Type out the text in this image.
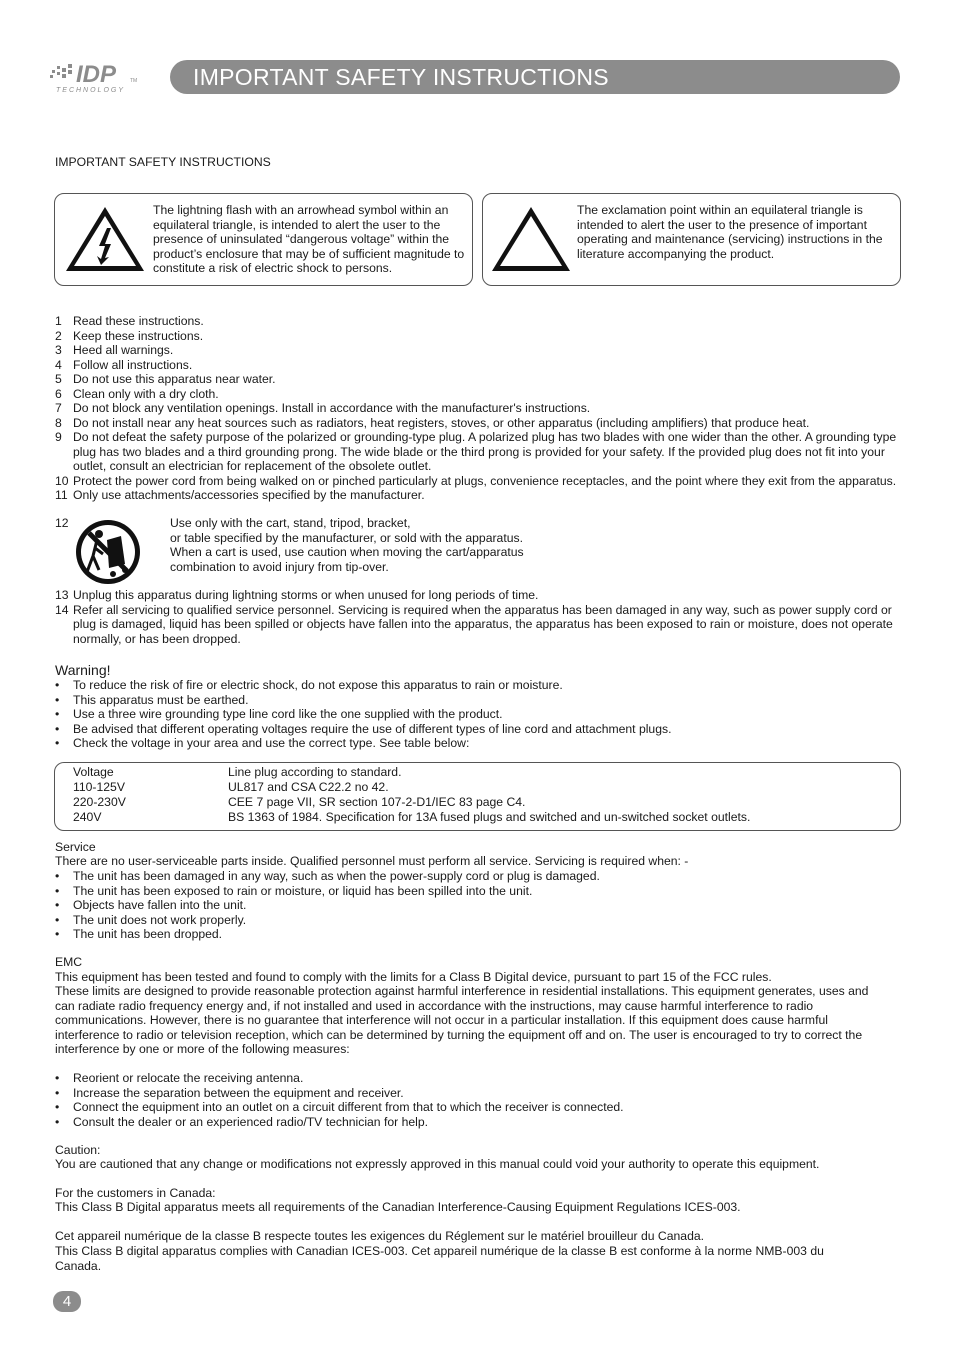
IDP	TM
TECHNOLOGY
IMPORTANT SAFETY INSTRUCTIONS
IMPORTANT SAFETY INSTRUCTIONS
The lightning flash with an arrowhead symbol within an equilateral triangle, is intended to alert the user to the presence of uninsulated “dangerous voltage” within the product’s enclosure that may be of sufficient magnitude to constitute a risk of electric shock to persons.
The exclamation point within an equilateral triangle is intended to alert the user to the presence of important operating and maintenance (servicing) instructions in the literature accompanying the product.
1 Read these instructions.
2 Keep these instructions.
3 Heed all warnings.
4 Follow all instructions.
5 Do not use this apparatus near water.
6 Clean only with a dry cloth.
7 Do not block any ventilation openings. Install in accordance with the manufacturer's instructions.
8 Do not install near any heat sources such as radiators, heat registers, stoves, or other apparatus (including amplifiers) that produce heat.
9 Do not defeat the safety purpose of the polarized or grounding-type plug. A polarized plug has two blades with one wider than the other. A grounding type plug has two blades and a third grounding prong. The wide blade or the third prong is provided for your safety. If the provided plug does not fit into your outlet, consult an electrician for replacement of the obsolete outlet.
10 Protect the power cord from being walked on or pinched particularly at plugs, convenience receptacles, and the point where they exit from the apparatus.
11 Only use attachments/accessories specified by the manufacturer.
12	Use only with the cart, stand, tripod, bracket,
or table specified by the manufacturer, or sold with the apparatus.
When a cart is used, use caution when moving the cart/apparatus
combination to avoid injury from tip-over.
13 Unplug this apparatus during lightning storms or when unused for long periods of time.
14 Refer all servicing to qualified service personnel. Servicing is required when the apparatus has been damaged in any way, such as power supply cord or plug is damaged, liquid has been spilled or objects have fallen into the apparatus, the apparatus has been exposed to rain or moisture, does not operate normally, or has been dropped.
Warning!
• To reduce the risk of fire or electric shock, do not expose this apparatus to rain or moisture.
• This apparatus must be earthed.
• Use a three wire grounding type line cord like the one supplied with the product.
• Be advised that different operating voltages require the use of different types of line cord and attachment plugs.
• Check the voltage in your area and use the correct type. See table below:
Voltage	Line plug according to standard.
110-125V	UL817 and CSA C22.2 no 42.
220-230V	CEE 7 page VII, SR section 107-2-D1/IEC 83 page C4.
240V	BS 1363 of 1984. Specification for 13A fused plugs and switched and un-switched socket outlets.
Service
There are no user-serviceable parts inside. Qualified personnel must perform all service. Servicing is required when: -
• The unit has been damaged in any way, such as when the power-supply cord or plug is damaged.
• The unit has been exposed to rain or moisture, or liquid has been spilled into the unit.
• Objects have fallen into the unit.
• The unit does not work properly.
• The unit has been dropped.
EMC
This equipment has been tested and found to comply with the limits for a Class B Digital device, pursuant to part 15 of the FCC rules.
These limits are designed to provide reasonable protection against harmful interference in residential installations. This equipment generates, uses and can radiate radio frequency energy and, if not installed and used in accordance with the instructions, may cause harmful interference to radio communications. However, there is no guarantee that interference will not occur in a particular installation. If this equipment does cause harmful interference to radio or television reception, which can be determined by turning the equipment off and on. The user is encouraged to try to correct the interference by one or more of the following measures:
• Reorient or relocate the receiving antenna.
• Increase the separation between the equipment and receiver.
• Connect the equipment into an outlet on a circuit different from that to which the receiver is connected.
• Consult the dealer or an experienced radio/TV technician for help.
Caution:
You are cautioned that any change or modifications not expressly approved in this manual could void your authority to operate this equipment.
For the customers in Canada:
This Class B Digital apparatus meets all requirements of the Canadian Interference-Causing Equipment Regulations ICES-003.
Cet appareil numérique de la classe B respecte toutes les exigences du Réglement sur le matériel brouilleur du Canada.
This Class B digital apparatus complies with Canadian ICES-003. Cet appareil numérique de la classe B est conforme à la norme NMB-003 du Canada.
4
